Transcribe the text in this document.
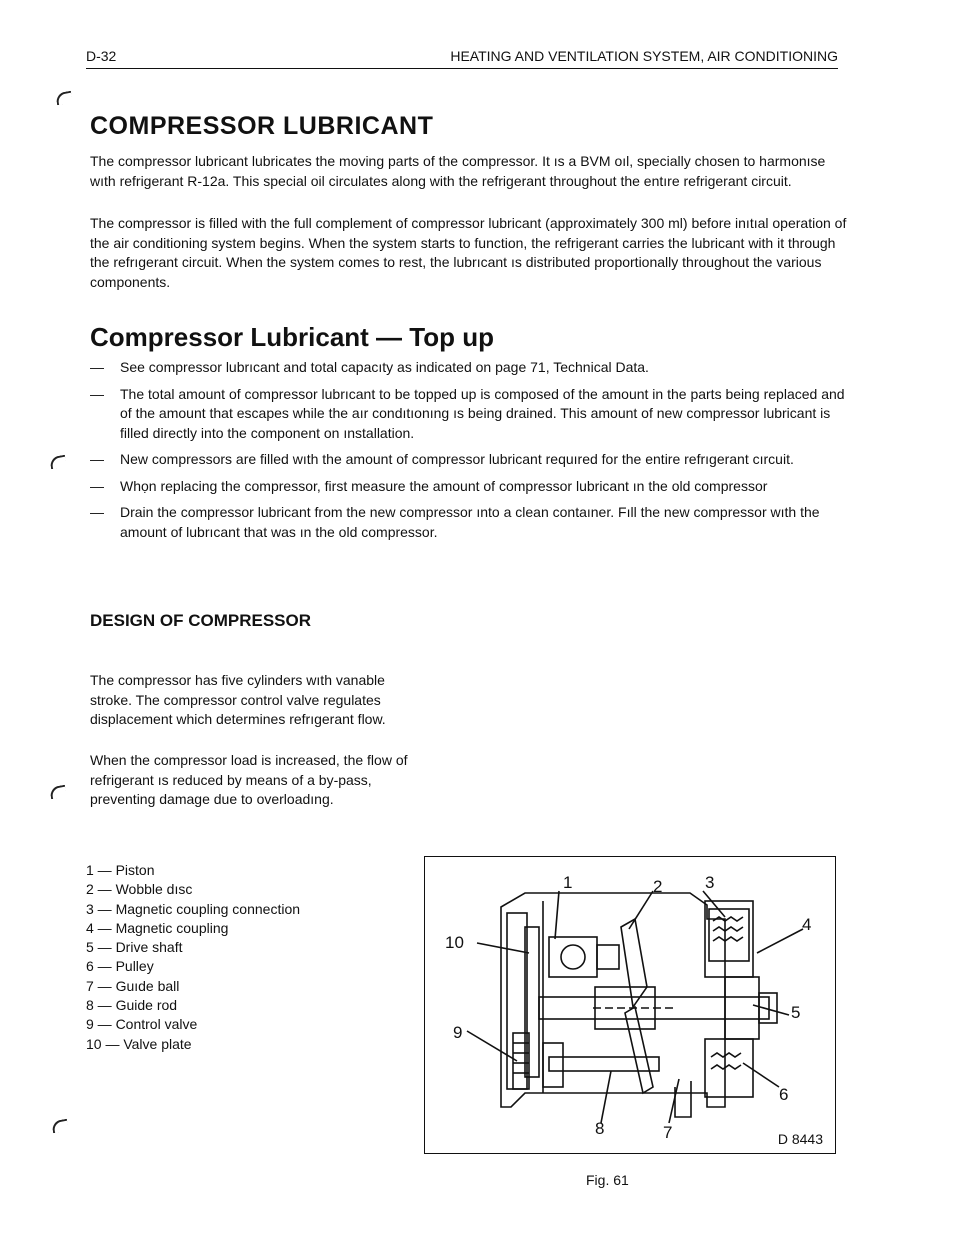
D-32	HEATING AND VENTILATION SYSTEM, AIR CONDITIONING
COMPRESSOR LUBRICANT

The compressor lubricant lubricates the moving parts of the compressor. It ıs a BVM oıl, specially chosen to harmonıse wıth refrigerant R-12a. This special oil circulates along with the refrigerant throughout the entıre refrigerant circuit.

The compressor is filled with the full complement of compressor lubricant (approximately 300 ml) before inıtıal operation of the air conditioning system begins. When the system starts to function, the refrigerant carries the lubricant with it through the refrıgerant circuit. When the system comes to rest, the lubrıcant ıs distributed proportionally throughout the various components.

Compressor Lubricant — Top up
— See compressor lubrıcant and total capacıty as indicated on page 71, Technical Data.
— The total amount of compressor lubrıcant to be topped up is composed of the amount in the parts being replaced and of the amount that escapes while the aır condıtıonıng ıs being drained. This amount of new compressor lubricant is filled directly into the component on ınstallation.
— New compressors are filled wıth the amount of compressor lubricant requıred for the entire refrıgerant cırcuit.
— Whọn replacing the compressor, first measure the amount of compressor lubricant ın the old compressor
— Drain the compressor lubricant from the new compressor ınto a clean contaıner. Fıll the new compressor wıth the amount of lubrıcant that was ın the old compressor.
DESIGN OF COMPRESSOR

The compressor has five cylinders wıth vanable stroke. The compressor control valve regulates displacement which determines refrıgerant flow.

When the compressor load is increased, the flow of refrigerant ıs reduced by means of a by-pass, preventing damage due to overloadıng.

1 — Piston
2 — Wobble dısc
3 — Magnetic coupling connection
4 — Magnetic coupling
5 — Drive shaft
6 — Pulley
7 — Guıde ball
8 — Guide rod
9 — Control valve
10 — Valve plate
1	2	3
4
5
6
7
8
9
10
D 8443
Fig. 61
